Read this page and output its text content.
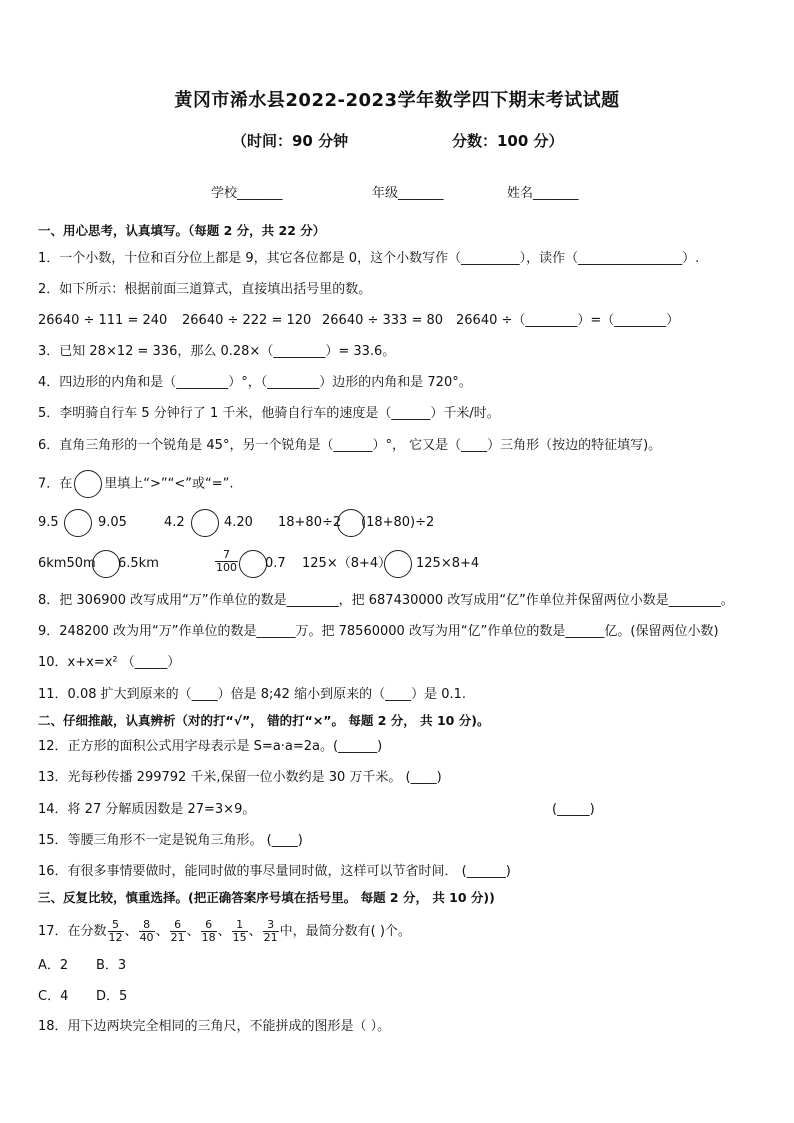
黄冈市浠水县2022-2023学年数学四下期末考试试题
（时间：90 分钟	分数：100 分）
学校_______	年级_______	姓名_______
一、用心思考，认真填写。（每题 2 分，共 22 分）
1．一个小数，十位和百分位上都是 9，其它各位都是 0，这个小数写作（_________），读作（________________）.
2．如下所示：根据前面三道算式，直接填出括号里的数。
26640 ÷ 111 = 240 26640 ÷ 222 = 120 26640 ÷ 333 = 80 26640 ÷（________）=（________）
3．已知 28×12 = 336，那么 0.28×（________）= 33.6。
4．四边形的内角和是（________）°，（________）边形的内角和是 720°。
5．李明骑自行车 5 分钟行了 1 千米，他骑自行车的速度是（______）千米/时。
6．直角三角形的一个锐角是 45°，另一个锐角是（______）°， 它又是（____）三角形（按边的特征填写)。
7．在 里填上“>”“<”或“=”.
9.5	9.05	4.2	4.20 18+80÷2 (18+80)÷2
6km50m 6.5km	$\frac{7}{100} 0.7$ 125×（8+4） 125×8+4
8．把 306900 改写成用“万”作单位的数是________，把 687430000 改写成用“亿”作单位并保留两位小数是________。
9．248200 改为用“万”作单位的数是______万。把 78560000 改写为用“亿”作单位的数是______亿。(保留两位小数)
10．x+x=x² （_____）
11．0.08 扩大到原来的（____）倍是 8;42 缩小到原来的（____）是 0.1.
二、仔细推敲，认真辨析（对的打“√”， 错的打“×”。 每题 2 分， 共 10 分)。
12．正方形的面积公式用字母表示是 S=a·a=2a。(______)
13．光每秒传播 299792 千米,保留一位小数约是 30 万千米。 (____)
14．将 27 分解质因数是 27=3×9。	(_____)
15．等腰三角形不一定是锐角三角形。 (____)
16．有很多事情要做时，能同时做的事尽量同时做，这样可以节省时间． (______)
三、反复比较，慎重选择。(把正确答案序号填在括号里。 每题 2 分， 共 10 分))
17．在分数 $\frac{5}{12}$ 、 $\frac{8}{40}$ 、 $\frac{6}{21}$ 、 $\frac{6}{18}$ 、 $\frac{1}{15}$ 、 $\frac{3}{21}$ 中，最简分数有( )个。
A．2 B．3
C．4 D．5
18．用下边两块完全相同的三角尺，不能拼成的图形是（ ）。
